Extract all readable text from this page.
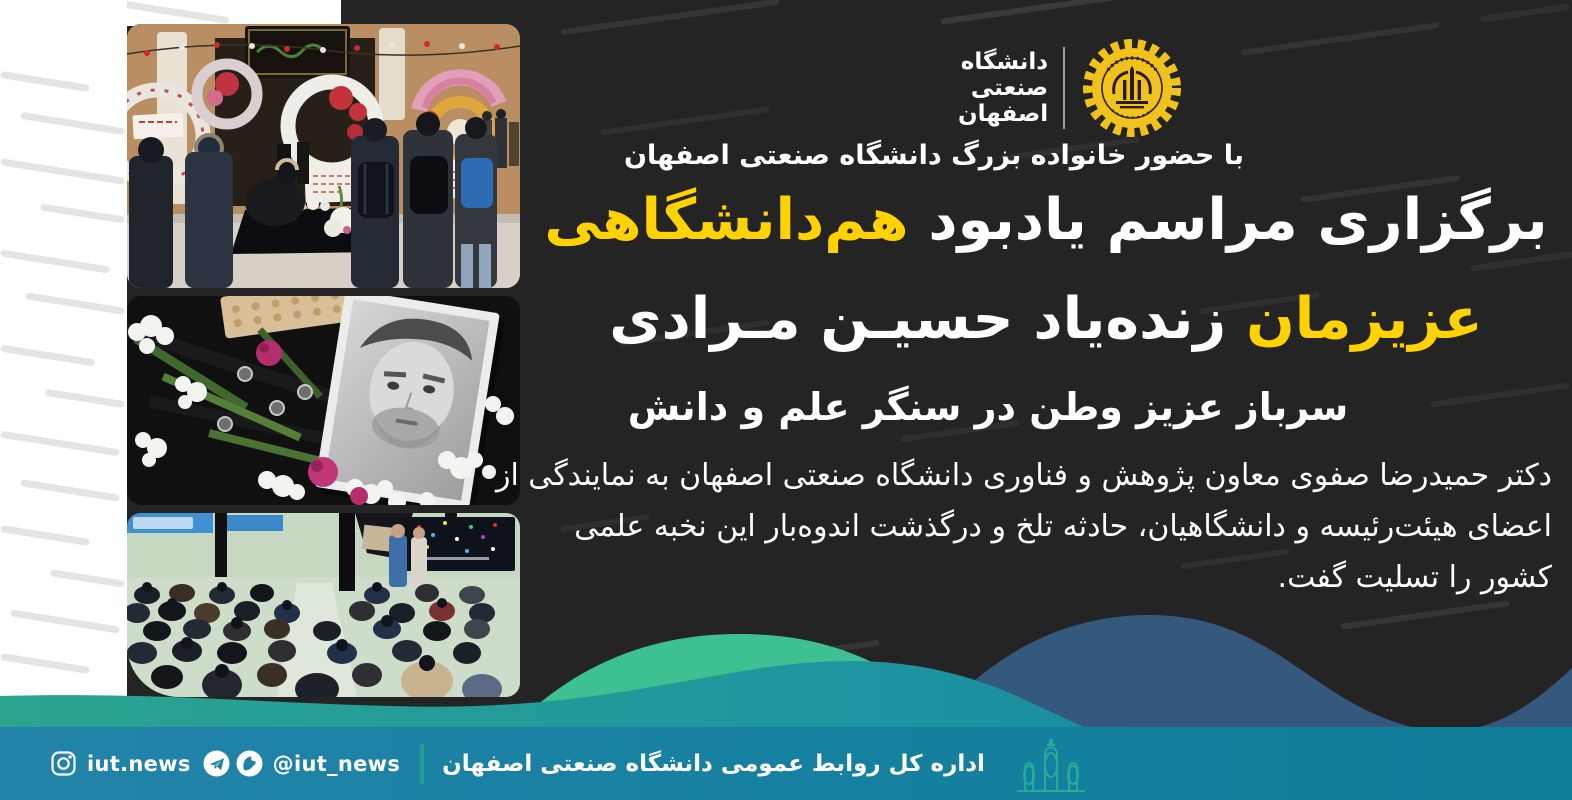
دانشگاه
صنعتی
اصفهان
با حضور خانواده بزرگ دانشگاه صنعتی اصفهان
برگزاری مراسم یادبود هم‌دانشگاهی
عزیزمان زنده‌یاد حسیـن مـرادی
سرباز عزیز وطن در سنگر علم و دانش
دکتر حمیدرضا صفوی معاون پژوهش و فناوری دانشگاه صنعتی اصفهان به نمایندگی از
اعضای هیئت‌رئیسه و دانشگاهیان، حادثه تلخ و درگذشت اندوه‌بار این نخبه علمی
کشور را تسلیت گفت.
iut.news	@iut_news اداره کل روابط عمومی دانشگاه صنعتی اصفهان
